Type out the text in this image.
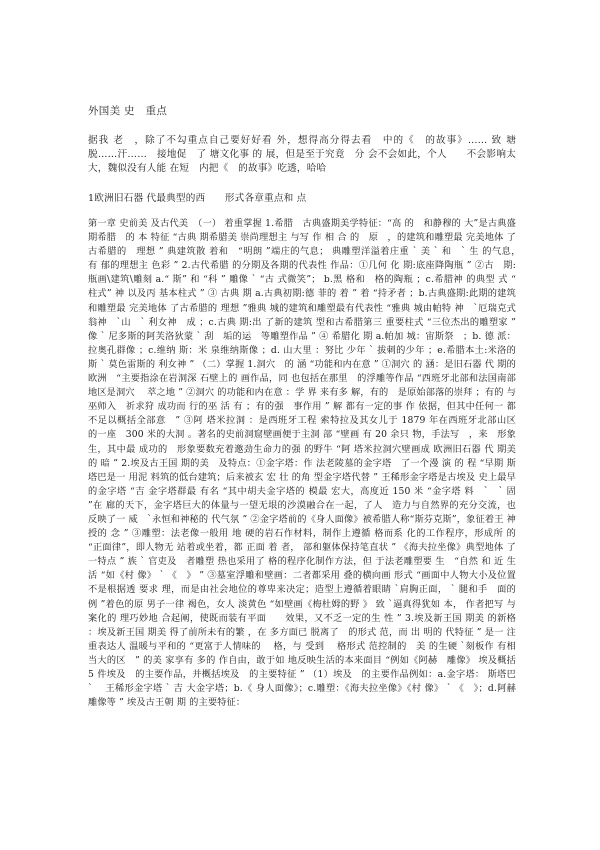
外国美 史　重点

据我 老　，除了不勾重点自己要好好看 外，想得高分得去看　中的《　的故事》…… 致 塘　脱……汗……　接地促　了 塘文化事 的 展，但是至于究竟　分 会不会如此，个人　　不会影响太大，魏似没有人能 在短　内把《　的故事》吃透，哈哈

1欧洲旧石器 代最典型的西　　形式各章重点和 点

第一章 史前美 及古代美　（一） 着重掌握 1.希腊　古典盛期美学特征：“高 的　和静穆的 大”是古典盛期希腊　的 本 特征 “古典 期希腊美 崇尚理想主 与写 作 相 合 的　原　，的建筑和雕塑最 完美地体 了古希腊的　理想 ” 典建筑散 着和　“明朗 ”端庄的气息； 典雕塑洋溢着庄重 ` 美 ` 和　` 生 的气息，　有 郁的理想主 色彩 ” 2.古代希腊 的分期及各期的代表性 作品：①几何 化 期:底座降陶瓶 ” ②古　期:瓶画\建筑\雕刻 a.“ 斯” 和 “科 ” 雕像 ` “古 式微笑”； b.黑 格和　格的陶瓶 ；c.希腊神 的典型 式 “ 柱式” 神 以及丙 基本柱式 ” ③ 古典 期 a.古典初期:德 菲的 着 ” 着 “持矛者 ；b.古典盛期:此期的建筑和雕塑最 完美地体 了古希腊的 理想 ”雅典 城的建筑和雕塑最有代表性 “雅典 城由帕特 神　`厄瑞克式翁神　`山　` 利女神　成 ；c.古典 期:出 了新的建筑 型和古希腊第三 重要柱式 “三位杰出的雕塑家 ” 像 ` 尼多斯的阿芙洛狄蒙 ` 刮　垢的运　等雕塑作品 ” ④ 希腊化 期 a.帕加 城：宙斯祭　；b. 德 派：拉奥孔群像 ；c.维纳 斯：米 泉维纳斯像 ；d. 山大里 ：努比 少年 ` 拔刺的少年 ；e.希腊本土:米洛的　斯 ` 莫色雷斯的 利女神 ” （二）掌握 1.洞穴　的 涵 “功能和内在意 ” ①洞穴 的 涵：是旧石器 代 期的欧洲　“主要指涂在岩洞深 石壁上的 画作品，同 也包括在那里　的浮雕等作品 “西班牙北部和法国南部地区是洞穴　 萃之地 ” ②洞穴 的功能和内在意 ：学 界 来有多 解，有的　是原始部落的崇拜 ；有的 与巫师入　祈求狩 成功而 行的巫 活 有 ；有的强　事作用 ” 解 都有一定的事 作 依据，但其中任何一 都不足以概括全部意　” ③阿 塔米拉洞 ：是西班牙工程 索特拉及其女儿于 1879 年在西班牙北部山区　的一座　300 米的大洞 。著名的史前洞窟壁画便于主洞 部 “壁画 有 20 余只 物，手法写　，来　形象生，其中最 成功的　形象要数充着邀劲生命力的强 的野牛 “阿 塔米拉洞穴壁画成 欧洲旧石器 代 期美 的 暗 ” 2.埃及古王国 期的美　及特点：①金字塔：作 法老陵墓的金字塔　了一个漫 演 的 程 “早期 斯塔巴是一 用泥 料筑的低台建筑；后来被玄 宏 壮 的角 型金字塔代替 ” 王稀形金字塔是古埃及 史上最早的金字塔 “吉 金字塔群最 有名 “其中胡夫金字塔的 模最 宏大，高度近 150 米 “金字塔 料　`　` 固 ”在 廊的天下，金字塔巨大的体量与一望无垠的沙漠融合在一起，了人　造力与自然界的充分交流，也反映了一 威　`永恒和神秘的 代气氛 ” ②金字塔前的《身人面像》被希腊人称“斯芬克斯”，象征着王 神授的 念 ” ③雕塑：法老像一般用 地 硬的岩石作材料，制作上遵循 格而系 化的工作程序，形成所 的 “正面律”，即人物无 站着或坐着，都 正面 着 者， 部和躯体保持笔直状 ” 《海夫拉坐像》典型地体 了 一特点 ” 族 ` 官吏及　者雕塑 热也采用了 格的程序化制作方法，但 于法老雕塑要 生　“自然 和 近 生活 “如《村 像》 ` 《　》 ” ③墓室浮雕和壁画：二者都采用 叠的横向画 形式 “画面中人物大小及位置不是根据透 要求 理，而是由社会地位的尊卑来决定；造型上遵循着眼睛 `肩胸正面， ` 腿和手　面的 例 ”着色的原 男子一律 褐色，女人 淡黄色 “如壁画《梅杜姆的野 》 致 `逼真得犹如 本， 作者把写 与案化的 理巧妙地 合起阐，使既而装有平面　　效果，又不乏一定的生 性 ” 3.埃及新王国 期美 的新格 ：埃及新王国 期美 得了前所未有的繁 ，在 多方面已 脱离了　的形式 范，而 出 明的 代特征 ” 是一 注重表达人 温暖与平和的 “更富于人情味的　 格，与 受到　 格形式 范控制的　美 的生硬 `刻板作 有相当大的区　” 的美 家享有 多的 作自由，敢于如 地反映生活的本来面目 “例如《阿赫　雕像》 埃及概括 5 件埃及　的主要作品，并概括埃及　的主要特征 ” （1）埃及　的主要作品例如：a.金字塔： 斯塔巴 ` 　王稀形金字塔 ` 吉 大金字塔；b.《 身人面像》；c.雕塑：《海夫拉坐像》《村 像》 ` 《　》；d.阿赫　雕像等 ” 埃及古王朝 期 的主要特征：
